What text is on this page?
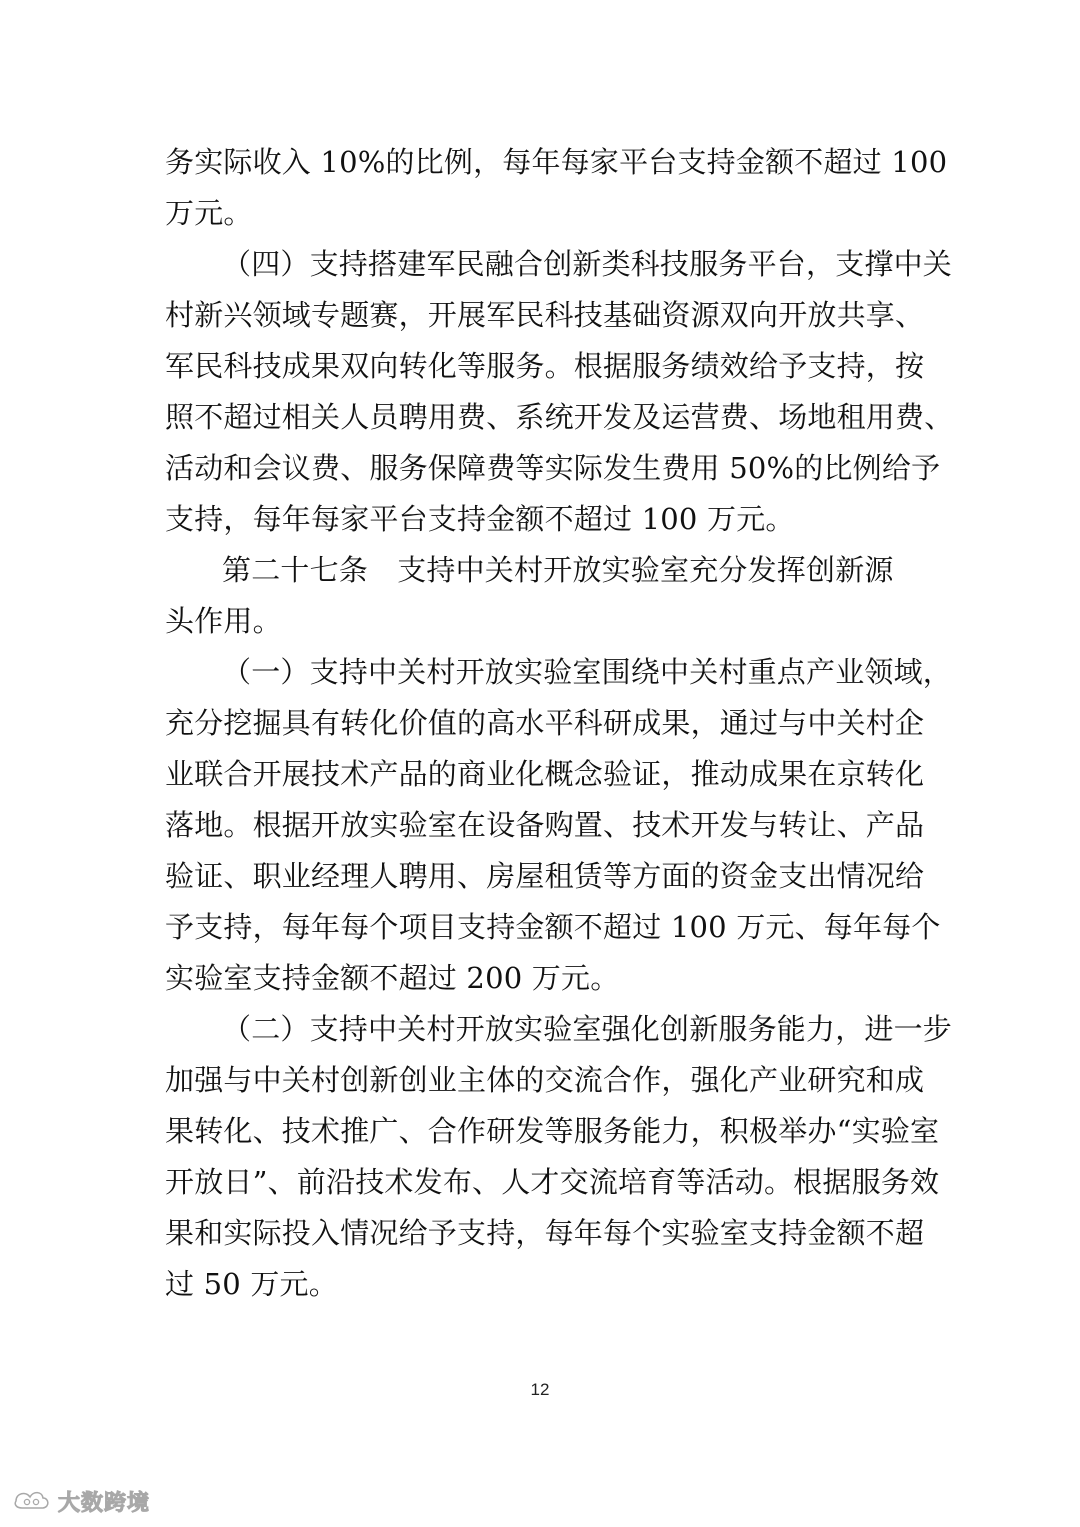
务实际收入 10%的比例，每年每家平台支持金额不超过 100
万元。
（四）支持搭建军民融合创新类科技服务平台，支撑中关
村新兴领域专题赛，开展军民科技基础资源双向开放共享、
军民科技成果双向转化等服务。根据服务绩效给予支持，按
照不超过相关人员聘用费、系统开发及运营费、场地租用费、
活动和会议费、服务保障费等实际发生费用 50%的比例给予
支持，每年每家平台支持金额不超过 100 万元。
第二十七条　支持中关村开放实验室充分发挥创新源
头作用。
（一）支持中关村开放实验室围绕中关村重点产业领域，
充分挖掘具有转化价值的高水平科研成果，通过与中关村企
业联合开展技术产品的商业化概念验证，推动成果在京转化
落地。根据开放实验室在设备购置、技术开发与转让、产品
验证、职业经理人聘用、房屋租赁等方面的资金支出情况给
予支持，每年每个项目支持金额不超过 100 万元、每年每个
实验室支持金额不超过 200 万元。
（二）支持中关村开放实验室强化创新服务能力，进一步
加强与中关村创新创业主体的交流合作，强化产业研究和成
果转化、技术推广、合作研发等服务能力，积极举办“实验室
开放日”、前沿技术发布、人才交流培育等活动。根据服务效
果和实际投入情况给予支持，每年每个实验室支持金额不超
过 50 万元。
12
大数跨境
